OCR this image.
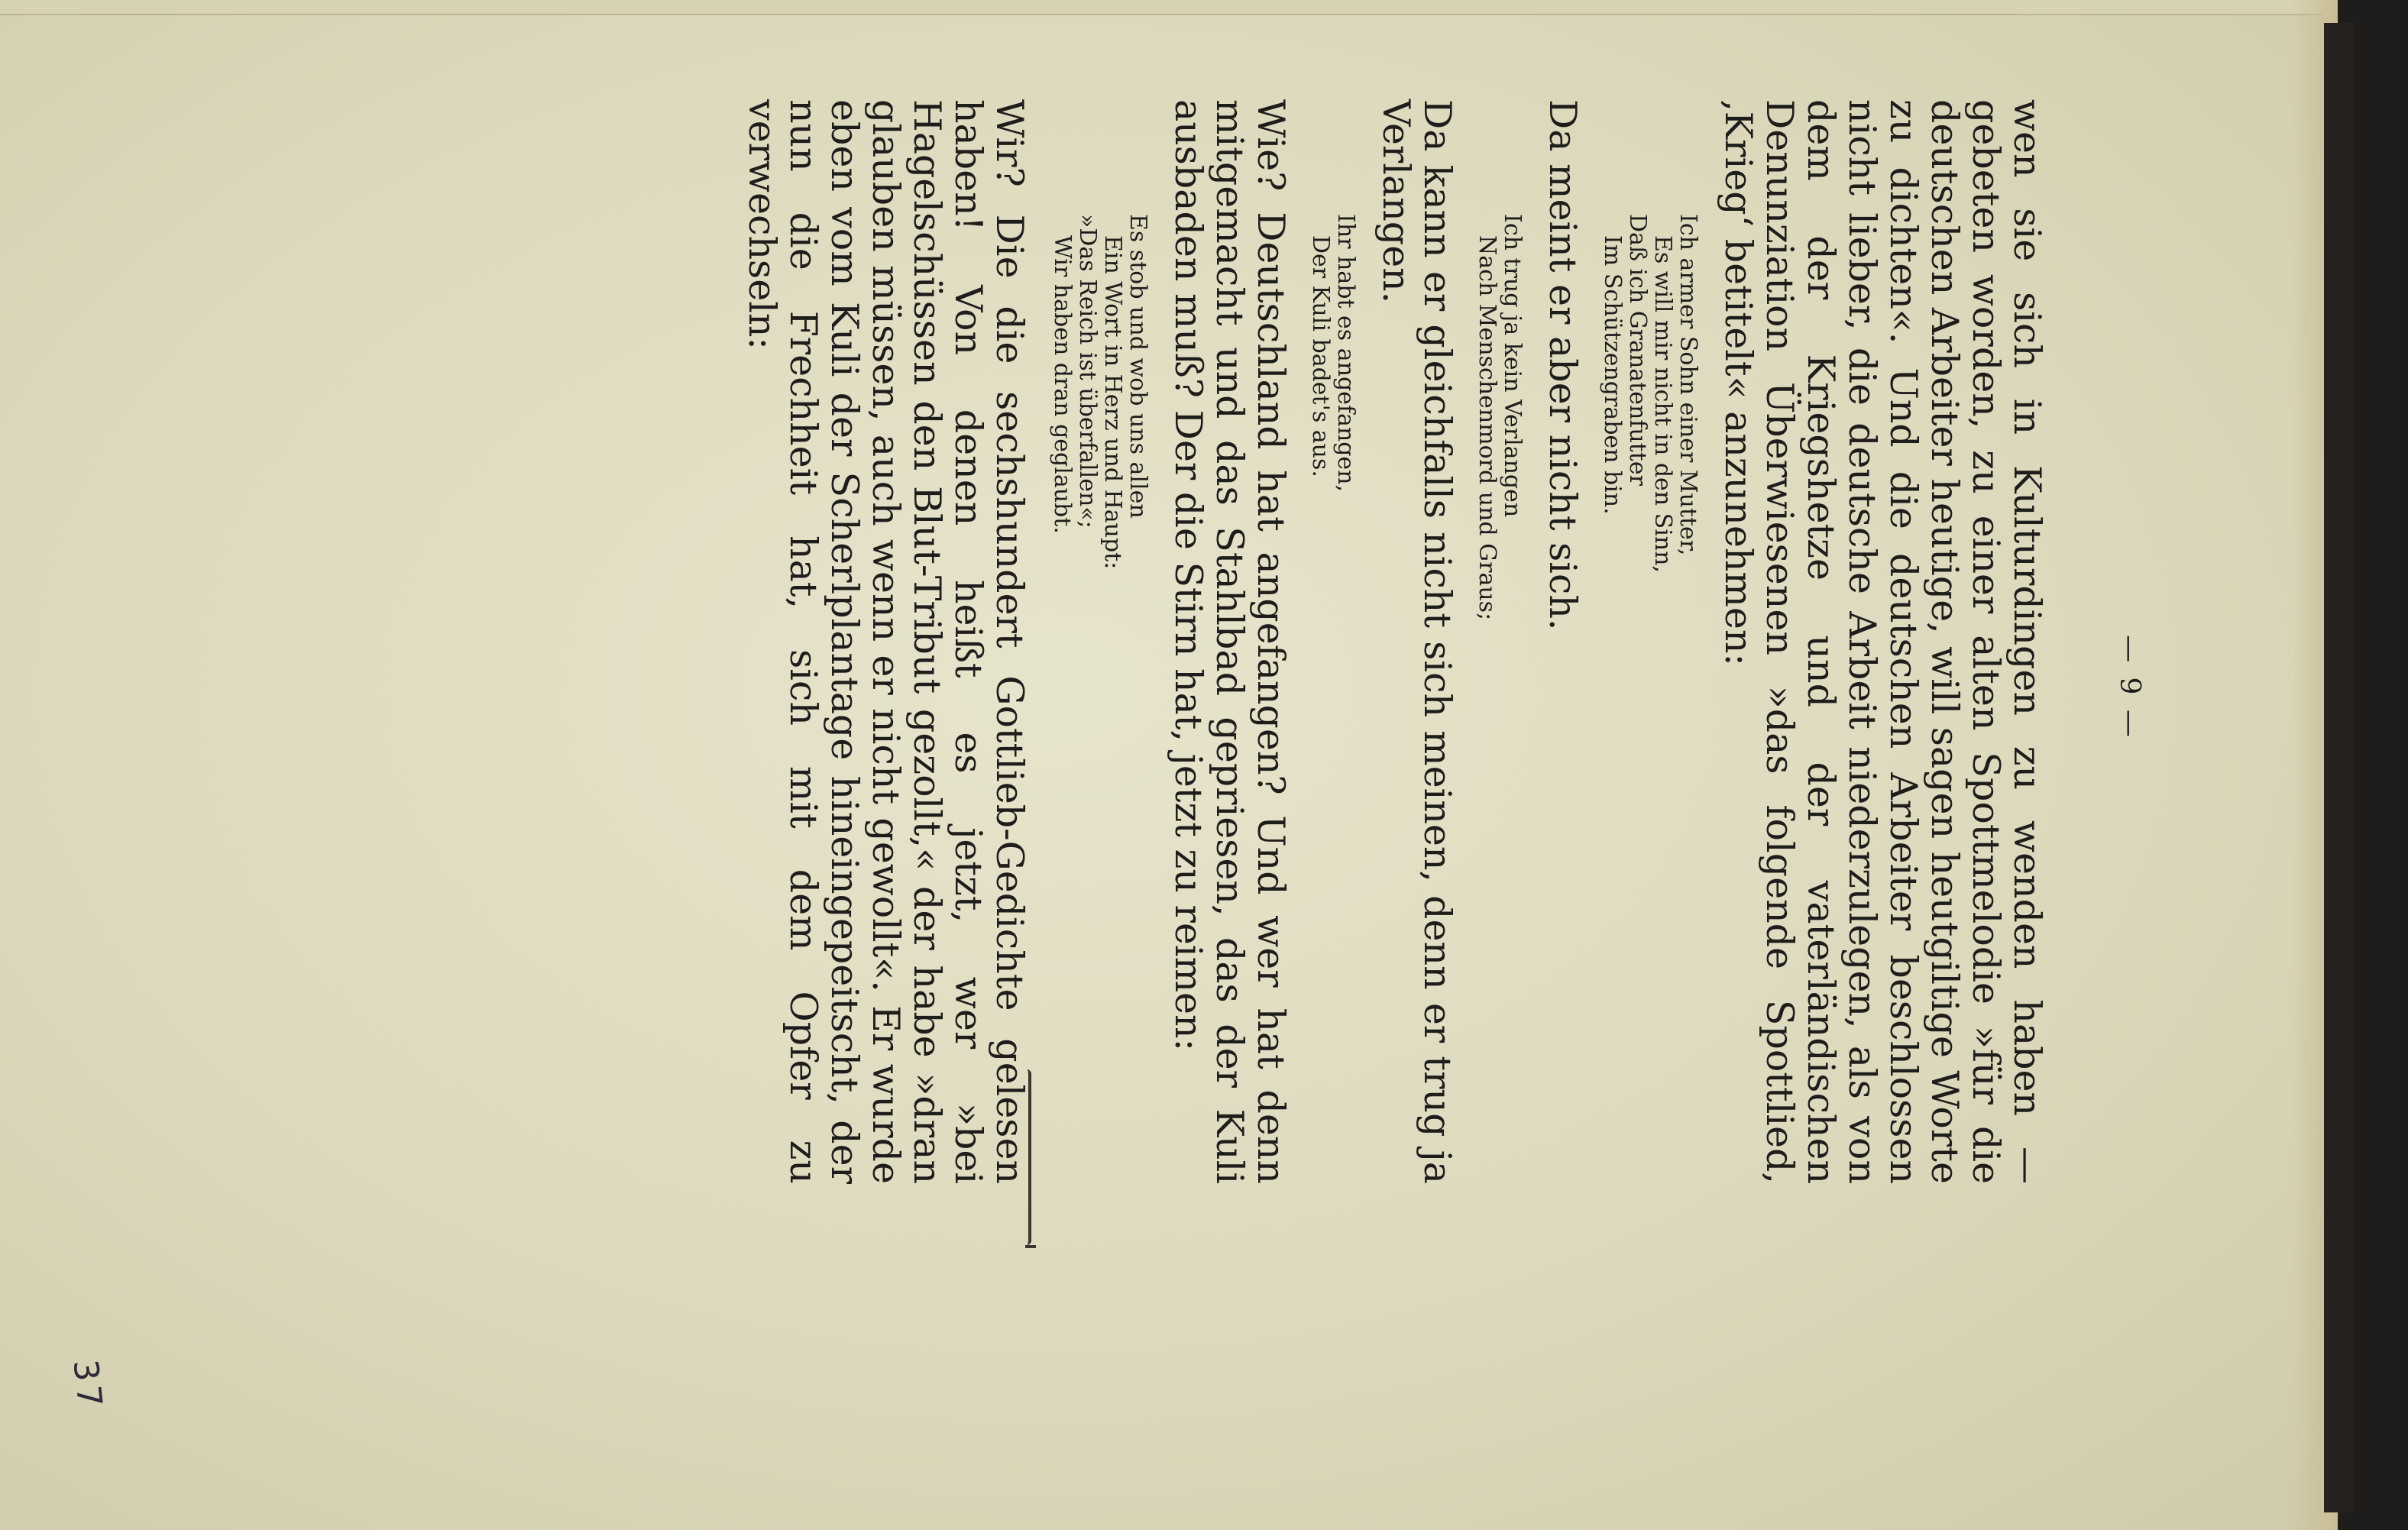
— 9 —

wen sie sich in Kulturdingen zu wenden haben — gebeten worden, zu einer alten Spottmelodie »für die deutschen Arbeiter heutige, will sagen heutgiltige Worte zu dichten«. Und die deutschen Arbeiter beschlossen nicht lieber, die deutsche Arbeit niederzulegen, als von dem der Kriegshetze und der vaterländischen Denunziation Überwiesenen »das folgende Spottlied, ‚Krieg‘ betitelt« anzunehmen:

Ich armer Sohn einer Mutter,
Es will mir nicht in den Sinn,
Daß ich Granatenfutter
Im Schützengraben bin.

Da meint er aber nicht sich.

Ich trug ja kein Verlangen
Nach Menschenmord und Graus;

Da kann er gleichfalls nicht sich meinen, denn er trug ja Verlangen.

Ihr habt es angefangen,
Der Kuli badet's aus.

Wie? Deutschland hat angefangen? Und wer hat denn mitgemacht und das Stahlbad gepriesen, das der Kuli ausbaden muß? Der die Stirn hat, jetzt zu reimen:

Es stob und wob uns allen
Ein Wort in Herz und Haupt:
»Das Reich ist überfallen«;
Wir haben dran geglaubt.

Wir? Die die sechshundert Gottlieb-Gedichte gelesen haben! Von denen heißt es jetzt, wer »bei Hagelschüssen den Blut-Tribut gezollt,« der habe »dran glauben müssen, auch wenn er nicht gewollt«. Er wurde eben vom Kuli der Scherlplantage hineingepeitscht, der nun die Frechheit hat, sich mit dem Opfer zu verwechseln:

37
